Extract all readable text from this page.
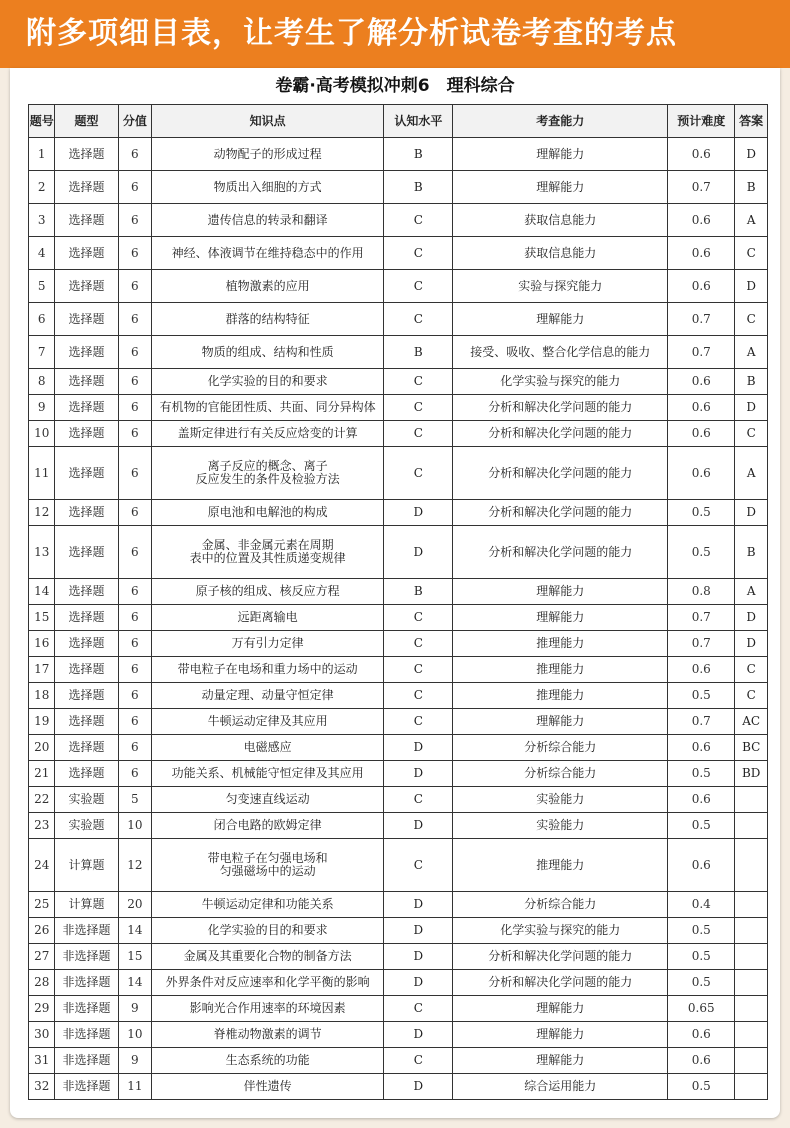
附多项细目表，让考生了解分析试卷考查的考点
卷霸·高考模拟冲刺6　理科综合
题号	题型	分值	知识点	认知水平	考查能力	预计难度	答案
1	选择题	6	动物配子的形成过程	B	理解能力	0.6	D
2	选择题	6	物质出入细胞的方式	B	理解能力	0.7	B
3	选择题	6	遗传信息的转录和翻译	C	获取信息能力	0.6	A
4	选择题	6	神经、体液调节在维持稳态中的作用	C	获取信息能力	0.6	C
5	选择题	6	植物激素的应用	C	实验与探究能力	0.6	D
6	选择题	6	群落的结构特征	C	理解能力	0.7	C
7	选择题	6	物质的组成、结构和性质	B	接受、吸收、整合化学信息的能力	0.7	A
8	选择题	6	化学实验的目的和要求	C	化学实验与探究的能力	0.6	B
9	选择题	6	有机物的官能团性质、共面、同分异构体	C	分析和解决化学问题的能力	0.6	D
10	选择题	6	盖斯定律进行有关反应焓变的计算	C	分析和解决化学问题的能力	0.6	C
11	选择题	6	离子反应的概念、离子
反应发生的条件及检验方法	C	分析和解决化学问题的能力	0.6	A
12	选择题	6	原电池和电解池的构成	D	分析和解决化学问题的能力	0.5	D
13	选择题	6	金属、非金属元素在周期
表中的位置及其性质递变规律	D	分析和解决化学问题的能力	0.5	B
14	选择题	6	原子核的组成、核反应方程	B	理解能力	0.8	A
15	选择题	6	远距离输电	C	理解能力	0.7	D
16	选择题	6	万有引力定律	C	推理能力	0.7	D
17	选择题	6	带电粒子在电场和重力场中的运动	C	推理能力	0.6	C
18	选择题	6	动量定理、动量守恒定律	C	推理能力	0.5	C
19	选择题	6	牛顿运动定律及其应用	C	理解能力	0.7	AC
20	选择题	6	电磁感应	D	分析综合能力	0.6	BC
21	选择题	6	功能关系、机械能守恒定律及其应用	D	分析综合能力	0.5	BD
22	实验题	5	匀变速直线运动	C	实验能力	0.6	
23	实验题	10	闭合电路的欧姆定律	D	实验能力	0.5	
24	计算题	12	带电粒子在匀强电场和
匀强磁场中的运动	C	推理能力	0.6	
25	计算题	20	牛顿运动定律和功能关系	D	分析综合能力	0.4	
26	非选择题	14	化学实验的目的和要求	D	化学实验与探究的能力	0.5	
27	非选择题	15	金属及其重要化合物的制备方法	D	分析和解决化学问题的能力	0.5	
28	非选择题	14	外界条件对反应速率和化学平衡的影响	D	分析和解决化学问题的能力	0.5	
29	非选择题	9	影响光合作用速率的环境因素	C	理解能力	0.65	
30	非选择题	10	脊椎动物激素的调节	D	理解能力	0.6	
31	非选择题	9	生态系统的功能	C	理解能力	0.6	
32	非选择题	11	伴性遗传	D	综合运用能力	0.5	
